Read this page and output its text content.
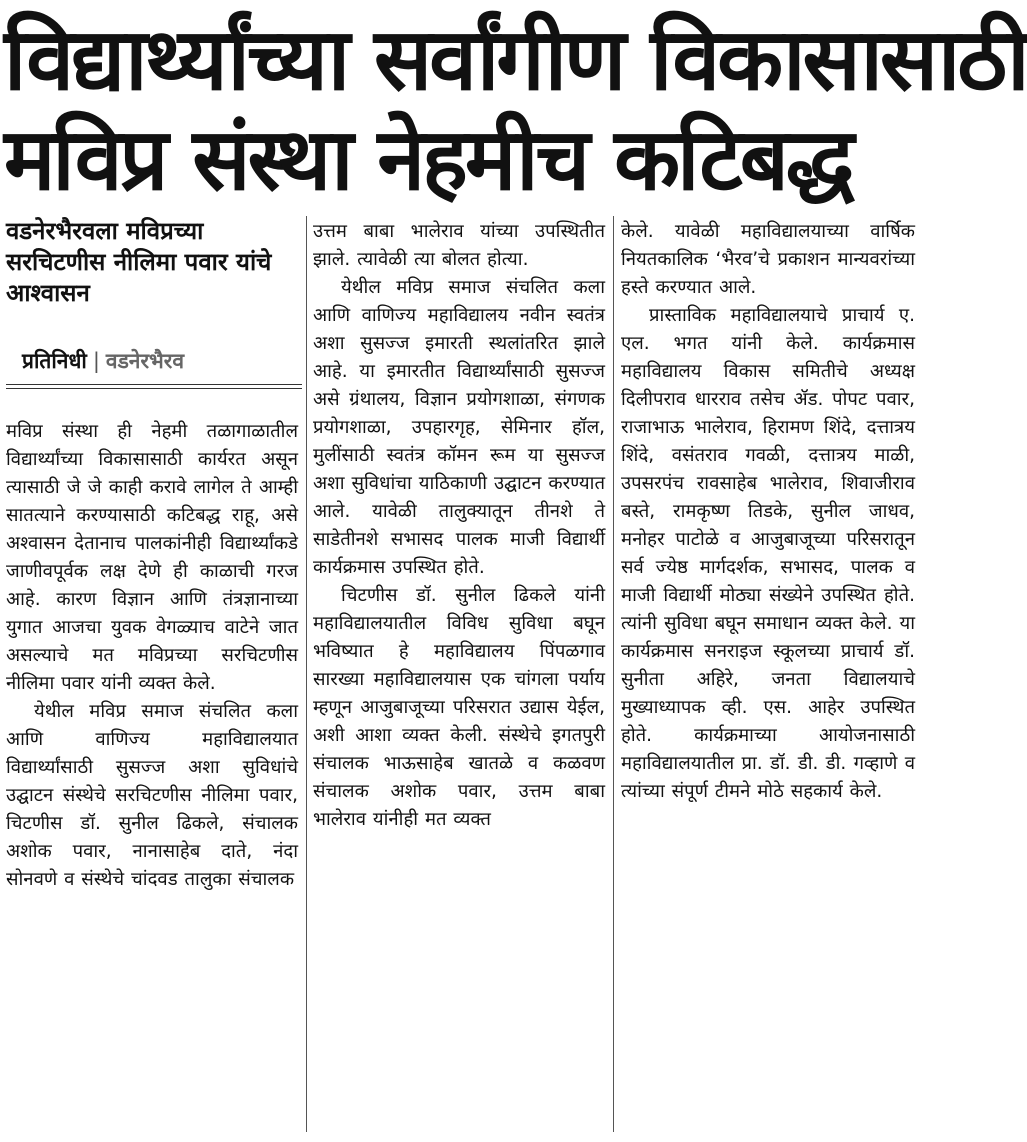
विद्यार्थ्यांच्या सर्वांगीण विकासासाठी
मविप्र संस्था नेहमीच कटिबद्ध
वडनेरभैरवला मविप्रच्या सरचिटणीस नीलिमा पवार यांचे आश्वासन
प्रतिनिधी | वडनेरभैरव

मविप्र संस्था ही नेहमी तळागाळातील विद्यार्थ्यांच्या विकासासाठी कार्यरत असून त्यासाठी जे जे काही करावे लागेल ते आम्ही सातत्याने करण्यासाठी कटिबद्ध राहू, असे अश्वासन देतानाच पालकांनीही विद्यार्थ्यांकडे जाणीवपूर्वक लक्ष देणे ही काळाची गरज आहे. कारण विज्ञान आणि तंत्रज्ञानाच्या युगात आजचा युवक वेगळ्याच वाटेने जात असल्याचे मत मविप्रच्या सरचिटणीस नीलिमा पवार यांनी व्यक्त केले.

येथील मविप्र समाज संचलित कला आणि वाणिज्य महाविद्यालयात विद्यार्थ्यांसाठी सुसज्ज अशा सुविधांचे उद्घाटन संस्थेचे सरचिटणीस नीलिमा पवार, चिटणीस डॉ. सुनील ढिकले, संचालक अशोक पवार, नानासाहेब दाते, नंदा सोनवणे व संस्थेचे चांदवड तालुका संचालक

उत्तम बाबा भालेराव यांच्या उपस्थितीत झाले. त्यावेळी त्या बोलत होत्या.

येथील मविप्र समाज संचलित कला आणि वाणिज्य महाविद्यालय नवीन स्वतंत्र अशा सुसज्ज इमारती स्थलांतरित झाले आहे. या इमारतीत विद्यार्थ्यांसाठी सुसज्ज असे ग्रंथालय, विज्ञान प्रयोगशाळा, संगणक प्रयोगशाळा, उपहारगृह, सेमिनार हॉल, मुलींसाठी स्वतंत्र कॉमन रूम या सुसज्ज अशा सुविधांचा याठिकाणी उद्घाटन करण्यात आले. यावेळी तालुक्यातून तीनशे ते साडेतीनशे सभासद पालक माजी विद्यार्थी कार्यक्रमास उपस्थित होते.

चिटणीस डॉ. सुनील ढिकले यांनी महाविद्यालयातील विविध सुविधा बघून भविष्यात हे महाविद्यालय पिंपळगाव सारख्या महाविद्यालयास एक चांगला पर्याय म्हणून आजुबाजूच्या परिसरात उद्यास येईल, अशी आशा व्यक्त केली. संस्थेचे इगतपुरी संचालक भाऊसाहेब खातळे व कळवण संचालक अशोक पवार, उत्तम बाबा भालेराव यांनीही मत व्यक्त

केले. यावेळी महाविद्यालयाच्या वार्षिक नियतकालिक ‘भैरव’चे प्रकाशन मान्यवरांच्या हस्ते करण्यात आले.

प्रास्ताविक महाविद्यालयाचे प्राचार्य ए. एल. भगत यांनी केले. कार्यक्रमास महाविद्यालय विकास समितीचे अध्यक्ष दिलीपराव धारराव तसेच ॲड. पोपट पवार, राजाभाऊ भालेराव, हिरामण शिंदे, दत्तात्रय शिंदे, वसंतराव गवळी, दत्तात्रय माळी, उपसरपंच रावसाहेब भालेराव, शिवाजीराव बस्ते, रामकृष्ण तिडके, सुनील जाधव, मनोहर पाटोळे व आजुबाजूच्या परिसरातून सर्व ज्येष्ठ मार्गदर्शक, सभासद, पालक व माजी विद्यार्थी मोठ्या संख्येने उपस्थित होते. त्यांनी सुविधा बघून समाधान व्यक्त केले. या कार्यक्रमास सनराइज स्कूलच्या प्राचार्य डॉ. सुनीता अहिरे, जनता विद्यालयाचे मुख्याध्यापक व्ही. एस. आहेर उपस्थित होते. कार्यक्रमाच्या आयोजनासाठी महाविद्यालयातील प्रा. डॉ. डी. डी. गव्हाणे व त्यांच्या संपूर्ण टीमने मोठे सहकार्य केले.
